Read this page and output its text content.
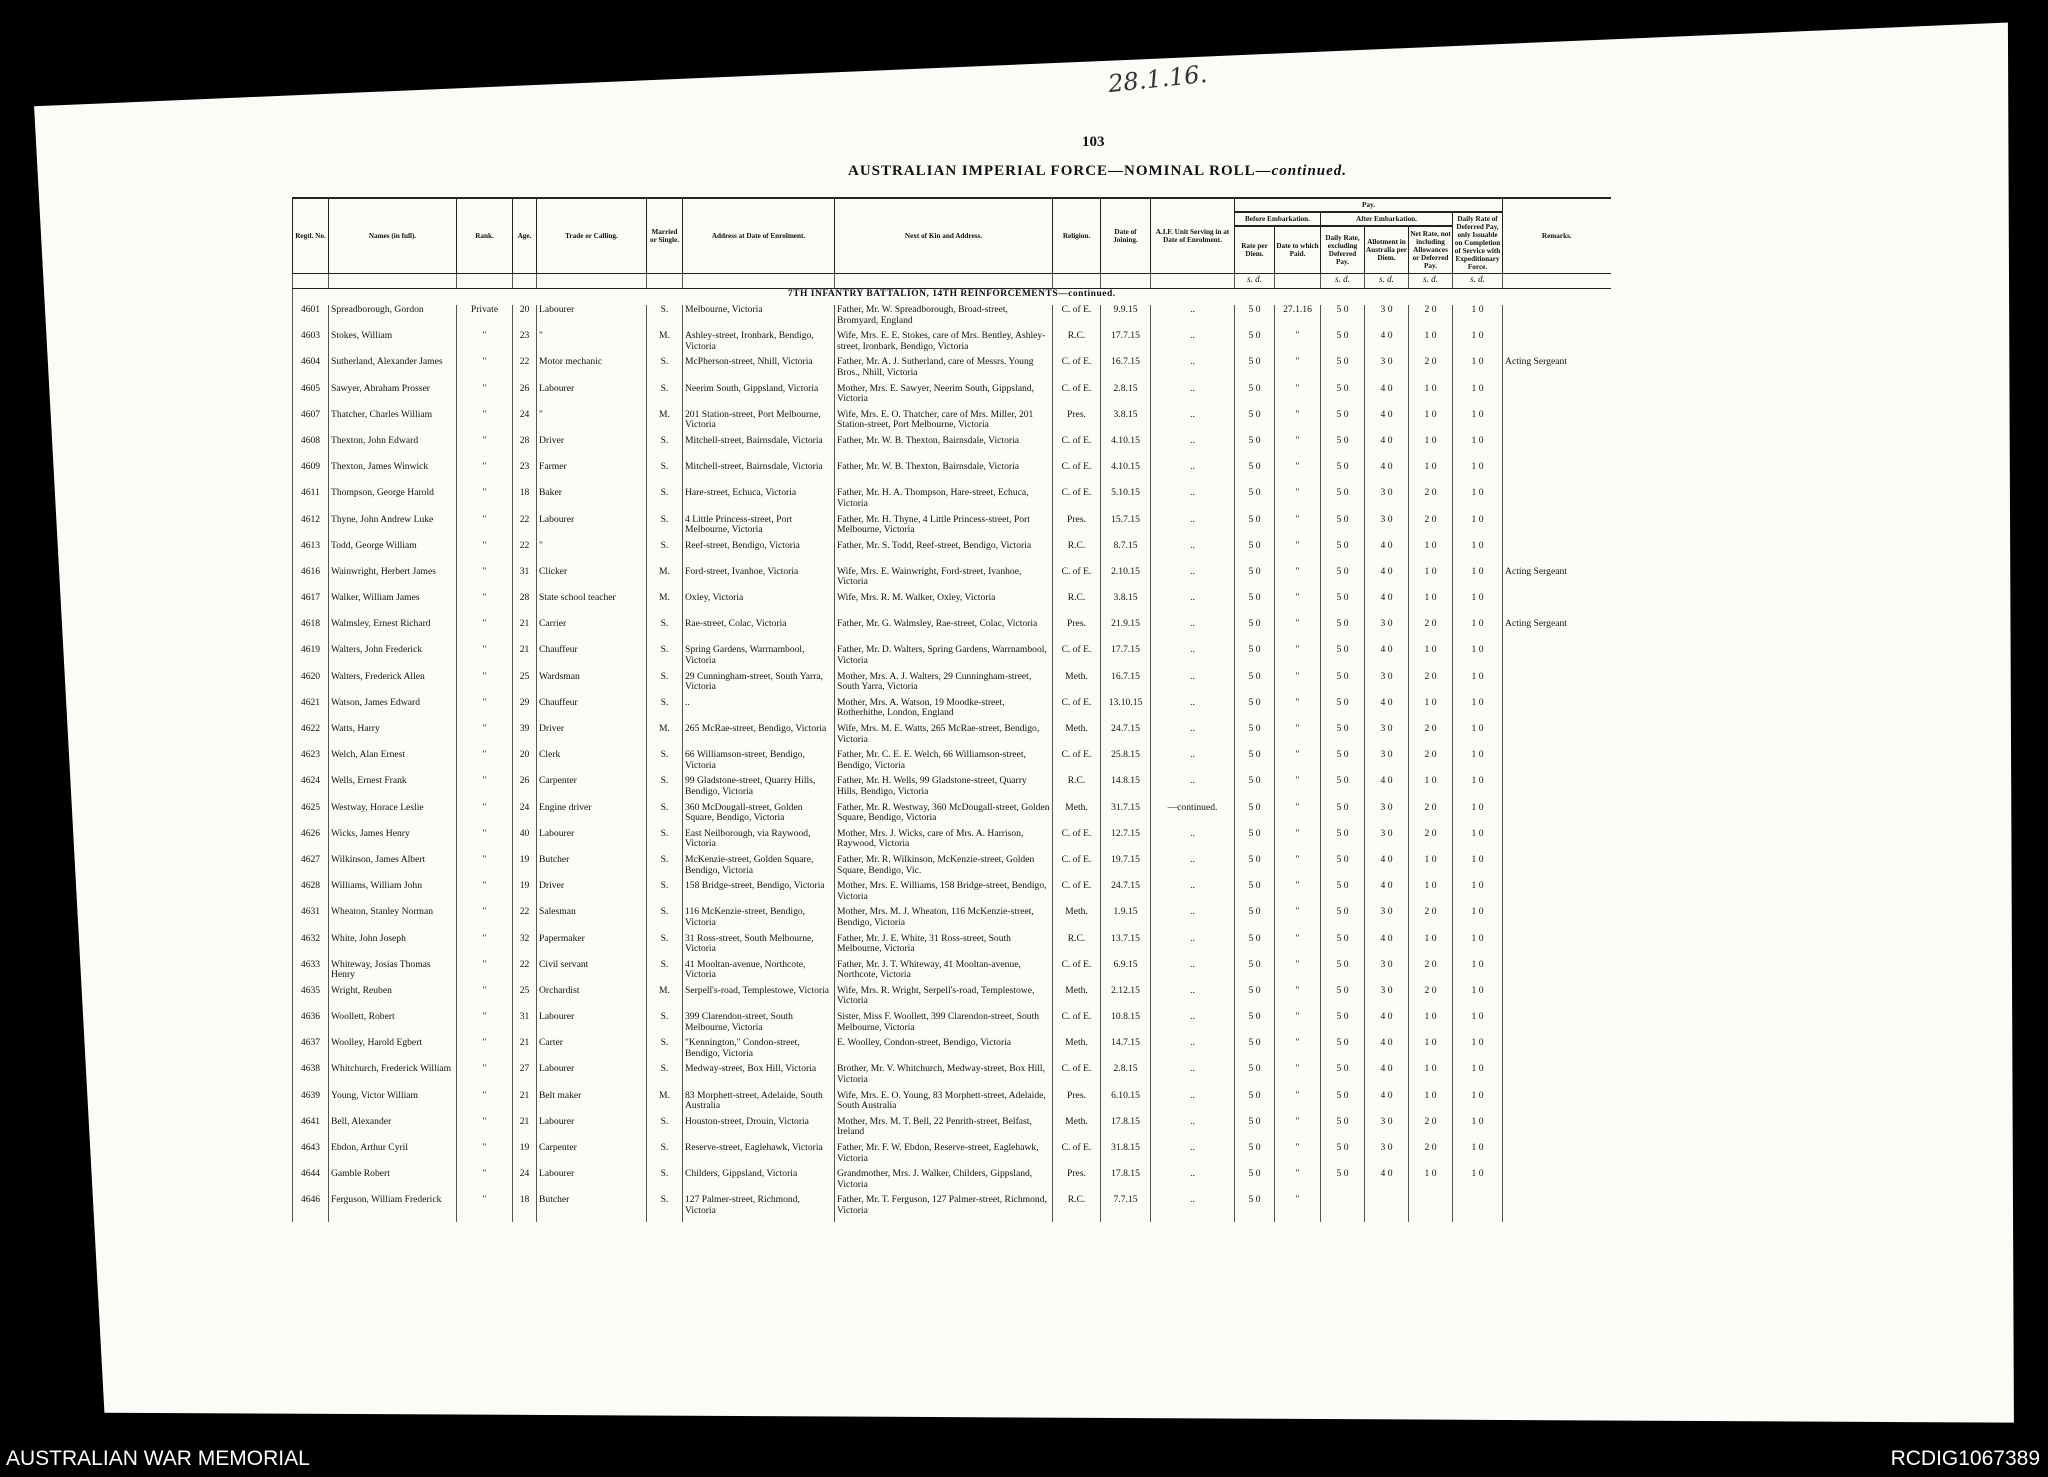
28.1.16.
103
AUSTRALIAN IMPERIAL FORCE—NOMINAL ROLL—continued.
Regtl. No.	Names (in full).	Rank.	Age.	Trade or Calling.	Married or Single.	Address at Date of Enrolment.	Next of Kin and Address.	Religion.	Date of Joining.	A.I.F. Unit Serving in at Date of Enrolment.	Pay.						Remarks.
											Before Embarkation.		After Embarkation.			Daily Rate of Deferred Pay, only Issuable on Completion of Service with Expeditionary Force.	
											Rate per Diem.	Date to which Paid.	Daily Rate, excluding Deferred Pay.	Allotment in Australia per Diem.	Net Rate, not including Allowances or Deferred Pay.		
											s. d.		s. d.	s. d.	s. d.	s. d.	
7TH INFANTRY BATTALION, 14TH REINFORCEMENTS—continued.																	
4601	Spreadborough, Gordon	Private	20	Labourer	S.	Melbourne, Victoria	Father, Mr. W. Spreadborough, Broad-street, Bromyard, England	C. of E.	9.9.15	..	5 0	27.1.16	5 0	3 0	2 0	1 0	
4603	Stokes, William	"	23	"	M.	Ashley-street, Ironbark, Bendigo, Victoria	Wife, Mrs. E. E. Stokes, care of Mrs. Bentley, Ashley-street, Ironbark, Bendigo, Victoria	R.C.	17.7.15	..	5 0	"	5 0	4 0	1 0	1 0	
4604	Sutherland, Alexander James	"	22	Motor mechanic	S.	McPherson-street, Nhill, Victoria	Father, Mr. A. J. Sutherland, care of Messrs. Young Bros., Nhill, Victoria	C. of E.	16.7.15	..	5 0	"	5 0	3 0	2 0	1 0	Acting Sergeant
4605	Sawyer, Abraham Prosser	"	26	Labourer	S.	Neerim South, Gippsland, Victoria	Mother, Mrs. E. Sawyer, Neerim South, Gippsland, Victoria	C. of E.	2.8.15	..	5 0	"	5 0	4 0	1 0	1 0	
4607	Thatcher, Charles William	"	24	"	M.	201 Station-street, Port Melbourne, Victoria	Wife, Mrs. E. O. Thatcher, care of Mrs. Miller, 201 Station-street, Port Melbourne, Victoria	Pres.	3.8.15	..	5 0	"	5 0	4 0	1 0	1 0	
4608	Thexton, John Edward	"	28	Driver	S.	Mitchell-street, Bairnsdale, Victoria	Father, Mr. W. B. Thexton, Bairnsdale, Victoria	C. of E.	4.10.15	..	5 0	"	5 0	4 0	1 0	1 0	
4609	Thexton, James Winwick	"	23	Farmer	S.	Mitchell-street, Bairnsdale, Victoria	Father, Mr. W. B. Thexton, Bairnsdale, Victoria	C. of E.	4.10.15	..	5 0	"	5 0	4 0	1 0	1 0	
4611	Thompson, George Harold	"	18	Baker	S.	Hare-street, Echuca, Victoria	Father, Mr. H. A. Thompson, Hare-street, Echuca, Victoria	C. of E.	5.10.15	..	5 0	"	5 0	3 0	2 0	1 0	
4612	Thyne, John Andrew Luke	"	22	Labourer	S.	4 Little Princess-street, Port Melbourne, Victoria	Father, Mr. H. Thyne, 4 Little Princess-street, Port Melbourne, Victoria	Pres.	15.7.15	..	5 0	"	5 0	3 0	2 0	1 0	
4613	Todd, George William	"	22	"	S.	Reef-street, Bendigo, Victoria	Father, Mr. S. Todd, Reef-street, Bendigo, Victoria	R.C.	8.7.15	..	5 0	"	5 0	4 0	1 0	1 0	
4616	Wainwright, Herbert James	"	31	Clicker	M.	Ford-street, Ivanhoe, Victoria	Wife, Mrs. E. Wainwright, Ford-street, Ivanhoe, Victoria	C. of E.	2.10.15	..	5 0	"	5 0	4 0	1 0	1 0	Acting Sergeant
4617	Walker, William James	"	28	State school teacher	M.	Oxley, Victoria	Wife, Mrs. R. M. Walker, Oxley, Victoria	R.C.	3.8.15	..	5 0	"	5 0	4 0	1 0	1 0	
4618	Walmsley, Ernest Richard	"	21	Carrier	S.	Rae-street, Colac, Victoria	Father, Mr. G. Walmsley, Rae-street, Colac, Victoria	Pres.	21.9.15	..	5 0	"	5 0	3 0	2 0	1 0	Acting Sergeant
4619	Walters, John Frederick	"	21	Chauffeur	S.	Spring Gardens, Warrnambool, Victoria	Father, Mr. D. Walters, Spring Gardens, Warrnambool, Victoria	C. of E.	17.7.15	..	5 0	"	5 0	4 0	1 0	1 0	
4620	Walters, Frederick Allen	"	25	Wardsman	S.	29 Cunningham-street, South Yarra, Victoria	Mother, Mrs. A. J. Walters, 29 Cunningham-street, South Yarra, Victoria	Meth.	16.7.15	..	5 0	"	5 0	3 0	2 0	1 0	
4621	Watson, James Edward	"	29	Chauffeur	S.	..	Mother, Mrs. A. Watson, 19 Moodke-street, Rotherhithe, London, England	C. of E.	13.10.15	..	5 0	"	5 0	4 0	1 0	1 0	
4622	Watts, Harry	"	39	Driver	M.	265 McRae-street, Bendigo, Victoria	Wife, Mrs. M. E. Watts, 265 McRae-street, Bendigo, Victoria	Meth.	24.7.15	..	5 0	"	5 0	3 0	2 0	1 0	
4623	Welch, Alan Ernest	"	20	Clerk	S.	66 Williamson-street, Bendigo, Victoria	Father, Mr. C. E. E. Welch, 66 Williamson-street, Bendigo, Victoria	C. of E.	25.8.15	..	5 0	"	5 0	3 0	2 0	1 0	
4624	Wells, Ernest Frank	"	26	Carpenter	S.	99 Gladstone-street, Quarry Hills, Bendigo, Victoria	Father, Mr. H. Wells, 99 Gladstone-street, Quarry Hills, Bendigo, Victoria	R.C.	14.8.15	..	5 0	"	5 0	4 0	1 0	1 0	
4625	Westway, Horace Leslie	"	24	Engine driver	S.	360 McDougall-street, Golden Square, Bendigo, Victoria	Father, Mr. R. Westway, 360 McDougall-street, Golden Square, Bendigo, Victoria	Meth.	31.7.15	—continued.	5 0	"	5 0	3 0	2 0	1 0	
4626	Wicks, James Henry	"	40	Labourer	S.	East Neilborough, via Raywood, Victoria	Mother, Mrs. J. Wicks, care of Mrs. A. Harrison, Raywood, Victoria	C. of E.	12.7.15	..	5 0	"	5 0	3 0	2 0	1 0	
4627	Wilkinson, James Albert	"	19	Butcher	S.	McKenzie-street, Golden Square, Bendigo, Victoria	Father, Mr. R. Wilkinson, McKenzie-street, Golden Square, Bendigo, Vic.	C. of E.	19.7.15	..	5 0	"	5 0	4 0	1 0	1 0	
4628	Williams, William John	"	19	Driver	S.	158 Bridge-street, Bendigo, Victoria	Mother, Mrs. E. Williams, 158 Bridge-street, Bendigo, Victoria	C. of E.	24.7.15	..	5 0	"	5 0	4 0	1 0	1 0	
4631	Wheaton, Stanley Norman	"	22	Salesman	S.	116 McKenzie-street, Bendigo, Victoria	Mother, Mrs. M. J. Wheaton, 116 McKenzie-street, Bendigo, Victoria	Meth.	1.9.15	..	5 0	"	5 0	3 0	2 0	1 0	
4632	White, John Joseph	"	32	Papermaker	S.	31 Ross-street, South Melbourne, Victoria	Father, Mr. J. E. White, 31 Ross-street, South Melbourne, Victoria	R.C.	13.7.15	..	5 0	"	5 0	4 0	1 0	1 0	
4633	Whiteway, Josias Thomas Henry	"	22	Civil servant	S.	41 Mooltan-avenue, Northcote, Victoria	Father, Mr. J. T. Whiteway, 41 Mooltan-avenue, Northcote, Victoria	C. of E.	6.9.15	..	5 0	"	5 0	3 0	2 0	1 0	
4635	Wright, Reuben	"	25	Orchardist	M.	Serpell's-road, Templestowe, Victoria	Wife, Mrs. R. Wright, Serpell's-road, Templestowe, Victoria	Meth.	2.12.15	..	5 0	"	5 0	3 0	2 0	1 0	
4636	Woollett, Robert	"	31	Labourer	S.	399 Clarendon-street, South Melbourne, Victoria	Sister, Miss F. Woollett, 399 Clarendon-street, South Melbourne, Victoria	C. of E.	10.8.15	..	5 0	"	5 0	4 0	1 0	1 0	
4637	Woolley, Harold Egbert	"	21	Carter	S.	"Kennington," Condon-street, Bendigo, Victoria	E. Woolley, Condon-street, Bendigo, Victoria	Meth.	14.7.15	..	5 0	"	5 0	4 0	1 0	1 0	
4638	Whitchurch, Frederick William	"	27	Labourer	S.	Medway-street, Box Hill, Victoria	Brother, Mr. V. Whitchurch, Medway-street, Box Hill, Victoria	C. of E.	2.8.15	..	5 0	"	5 0	4 0	1 0	1 0	
4639	Young, Victor William	"	21	Belt maker	M.	83 Morphett-street, Adelaide, South Australia	Wife, Mrs. E. O. Young, 83 Morphett-street, Adelaide, South Australia	Pres.	6.10.15	..	5 0	"	5 0	4 0	1 0	1 0	
4641	Bell, Alexander	"	21	Labourer	S.	Houston-street, Drouin, Victoria	Mother, Mrs. M. T. Bell, 22 Penrith-street, Belfast, Ireland	Meth.	17.8.15	..	5 0	"	5 0	3 0	2 0	1 0	
4643	Ebdon, Arthur Cyril	"	19	Carpenter	S.	Reserve-street, Eaglehawk, Victoria	Father, Mr. F. W. Ebdon, Reserve-street, Eaglehawk, Victoria	C. of E.	31.8.15	..	5 0	"	5 0	3 0	2 0	1 0	
4644	Gamble Robert	"	24	Labourer	S.	Childers, Gippsland, Victoria	Grandmother, Mrs. J. Walker, Childers, Gippsland, Victoria	Pres.	17.8.15	..	5 0	"	5 0	4 0	1 0	1 0	
4646	Ferguson, William Frederick	"	18	Butcher	S.	127 Palmer-street, Richmond, Victoria	Father, Mr. T. Ferguson, 127 Palmer-street, Richmond, Victoria	R.C.	7.7.15	..	5 0	"					
AUSTRALIAN WAR MEMORIAL	RCDIG1067389
